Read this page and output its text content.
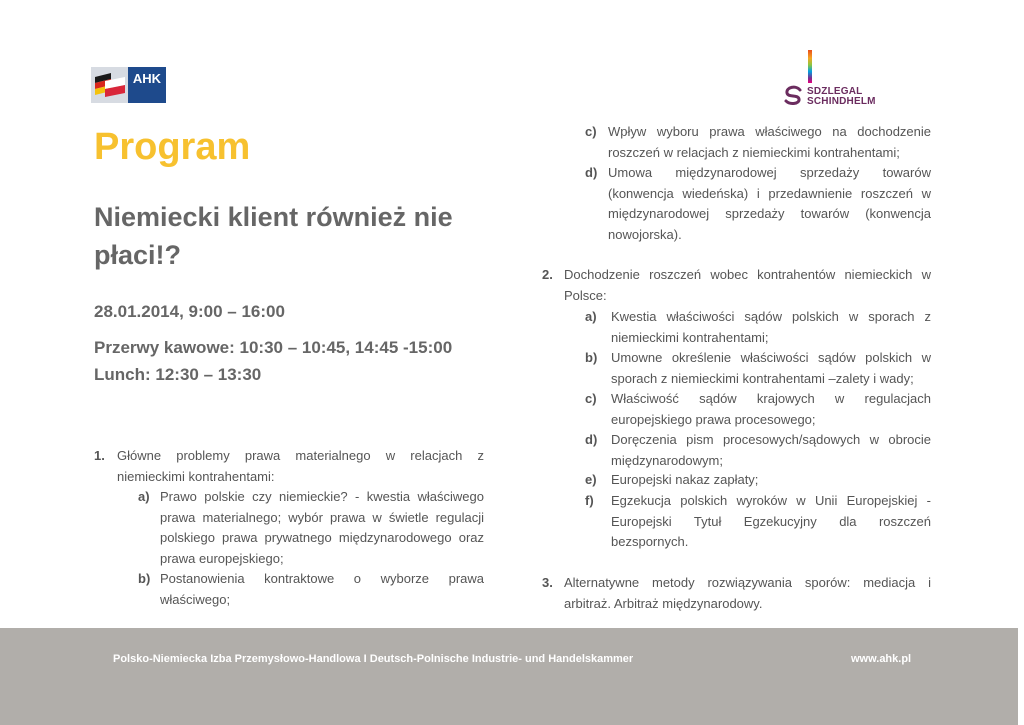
AHK
SDZLEGAL
SCHINDHELM
Program
Niemiecki klient również nie płaci!?

28.01.2014, 9:00 – 16:00

Przerwy kawowe: 10:30 – 10:45, 14:45 -15:00

Lunch: 12:30 – 13:30

1. Główne problemy prawa materialnego w relacjach z niemieckimi kontrahentami:
a) Prawo polskie czy niemieckie? - kwestia właściwego prawa materialnego; wybór prawa w świetle regulacji polskiego prawa prywatnego międzynarodowego oraz prawa europejskiego;
b) Postanowienia kontraktowe o wyborze prawa właściwego;
c) Wpływ wyboru prawa właściwego na dochodzenie roszczeń w relacjach z niemieckimi kontrahentami;
d) Umowa międzynarodowej sprzedaży towarów (konwencja wiedeńska) i przedawnienie roszczeń w międzynarodowej sprzedaży towarów (konwencja nowojorska).
2. Dochodzenie roszczeń wobec kontrahentów niemieckich w Polsce:
a) Kwestia właściwości sądów polskich w sporach z niemieckimi kontrahentami;
b) Umowne określenie właściwości sądów polskich w sporach z niemieckimi kontrahentami –zalety i wady;
c) Właściwość sądów krajowych w regulacjach europejskiego prawa procesowego;
d) Doręczenia pism procesowych/sądowych w obrocie międzynarodowym;
e) Europejski nakaz zapłaty;
f) Egzekucja polskich wyroków w Unii Europejskiej - Europejski Tytuł Egzekucyjny dla roszczeń bezspornych.
3. Alternatywne metody rozwiązywania sporów: mediacja i arbitraż. Arbitraż międzynarodowy.
Polsko-Niemiecka Izba Przemysłowo-Handlowa I Deutsch-Polnische Industrie- und Handelskammer	www.ahk.pl
